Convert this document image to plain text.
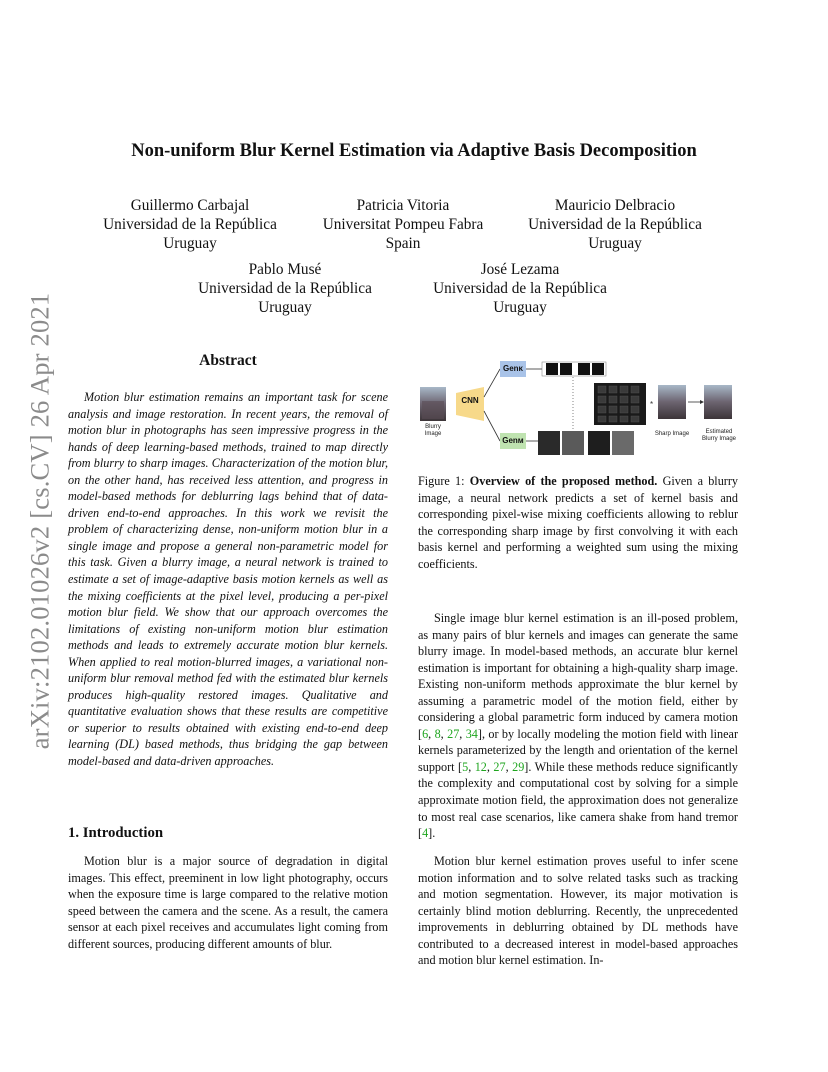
arXiv:2102.01026v2 [cs.CV] 26 Apr 2021
Non-uniform Blur Kernel Estimation via Adaptive Basis Decomposition
Guillermo Carbajal
Universidad de la República
Uruguay
Patricia Vitoria
Universitat Pompeu Fabra
Spain
Mauricio Delbracio
Universidad de la República
Uruguay
Pablo Musé
Universidad de la República
Uruguay
José Lezama
Universidad de la República
Uruguay
Abstract
Motion blur estimation remains an important task for scene analysis and image restoration. In recent years, the removal of motion blur in photographs has seen impressive progress in the hands of deep learning-based methods, trained to map directly from blurry to sharp images. Characterization of the motion blur, on the other hand, has received less attention, and progress in model-based methods for deblurring lags behind that of data-driven end-to-end approaches. In this work we revisit the problem of characterizing dense, non-uniform motion blur in a single image and propose a general non-parametric model for this task. Given a blurry image, a neural network is trained to estimate a set of image-adaptive basis motion kernels as well as the mixing coefficients at the pixel level, producing a per-pixel motion blur field. We show that our approach overcomes the limitations of existing non-uniform motion blur estimation methods and leads to extremely accurate motion blur kernels. When applied to real motion-blurred images, a variational non-uniform blur removal method fed with the estimated blur kernels produces high-quality restored images. Qualitative and quantitative evaluation shows that these results are competitive or superior to results obtained with existing end-to-end deep learning (DL) based methods, thus bridging the gap between model-based and data-driven approaches.
1. Introduction
Motion blur is a major source of degradation in digital images. This effect, preeminent in low light photography, occurs when the exposure time is large compared to the relative motion speed between the camera and the scene. As a result, the camera sensor at each pixel receives and accumulates light coming from different sources, producing different amounts of blur.
*
CNN
Genᴋ
Genᴍ
Blurry Image	Sharp Image	Estimated Blurry Image
Figure 1: Overview of the proposed method. Given a blurry image, a neural network predicts a set of kernel basis and corresponding pixel-wise mixing coefficients allowing to reblur the corresponding sharp image by first convolving it with each basis kernel and performing a weighted sum using the mixing coefficients.
Single image blur kernel estimation is an ill-posed problem, as many pairs of blur kernels and images can generate the same blurry image. In model-based methods, an accurate blur kernel estimation is important for obtaining a high-quality sharp image. Existing non-uniform methods approximate the blur kernel by assuming a parametric model of the motion field, either by considering a global parametric form induced by camera motion [6, 8, 27, 34], or by locally modeling the motion field with linear kernels parameterized by the length and orientation of the kernel support [5, 12, 27, 29]. While these methods reduce significantly the complexity and computational cost by solving for a simple approximate motion field, the approximation does not generalize to most real case scenarios, like camera shake from hand tremor [4].
Motion blur kernel estimation proves useful to infer scene motion information and to solve related tasks such as tracking and motion segmentation. However, its major motivation is certainly blind motion deblurring. Recently, the unprecedented improvements in deblurring obtained by DL methods have contributed to a decreased interest in model-based approaches and motion blur kernel estimation. In-
